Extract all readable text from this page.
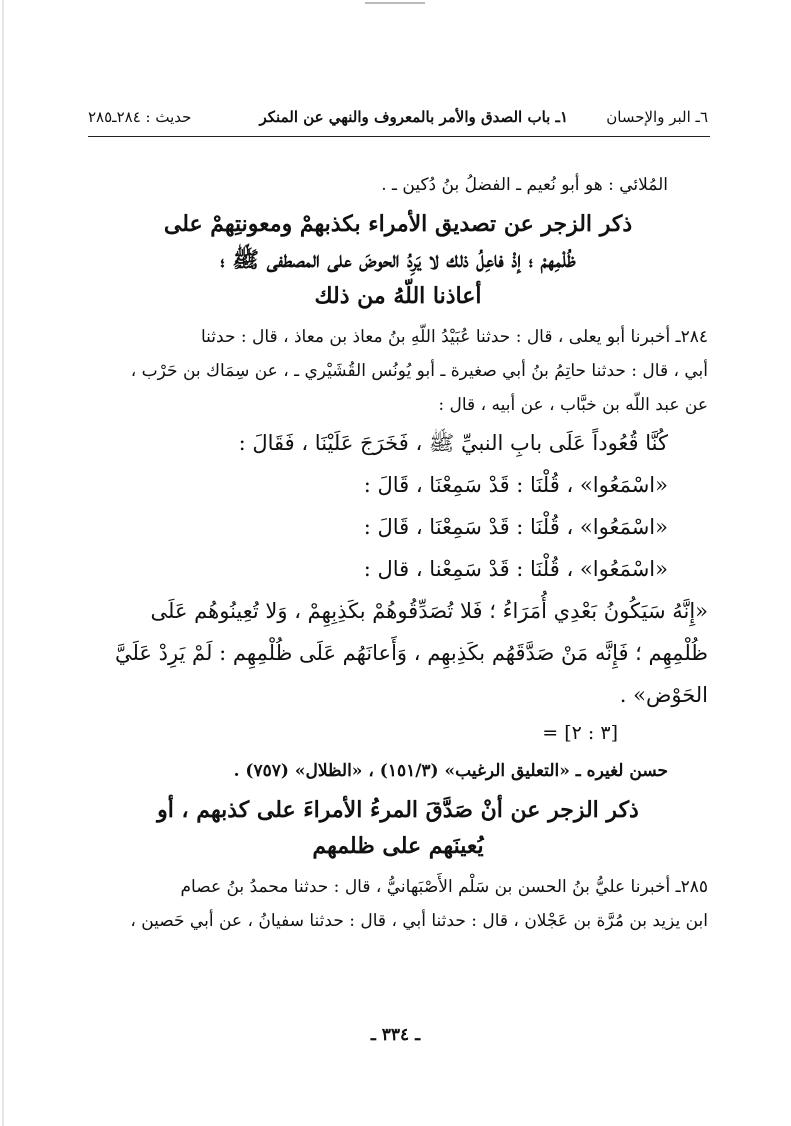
٦ـ البر والإحسان
١ـ باب الصدق والأمر بالمعروف والنهي عن المنكر
حديث : ٢٨٤ـ٢٨٥

المُلائي : هو أبو نُعيم ـ الفضلُ بنُ دُكين ـ .

ذكر الزجر عن تصديق الأمراء بكذبهمْ ومعونتِهمْ على

ظُلْمِهمْ ؛ إذْ فاعِلُ ذلك لا يَرِدُ الحوضَ على المصطفى ﷺ ؛

أعاذنا اللّهُ من ذلك

٢٨٤ـ أخبرنا أبو يعلى ، قال : حدثنا عُبَيْدُ اللّهِ بنُ معاذ بن معاذ ، قال : حدثنا

أبي ، قال : حدثنا حاتِمُ بنُ أبي صغيرة ـ أبو يُونُس القُشَيْري ـ ، عن سِمَاك بن حَرْب ،

عن عبد اللّه بن خبَّاب ، عن أبيه ، قال :

كُنَّا قُعُوداً عَلَى بابِ النبيِّ ﷺ ، فَخَرَجَ عَلَيْنَا ، فَقَالَ :

«اسْمَعُوا» ، قُلْنَا : قَدْ سَمِعْنَا ، قَالَ :

«اسْمَعُوا» ، قُلْنَا : قَدْ سَمِعْنَا ، قَالَ :

«اسْمَعُوا» ، قُلْنَا : قَدْ سَمِعْنا ، قال :

«إِنَّهُ سَيَكُونُ بَعْدِي أُمَرَاءُ ؛ فَلا تُصَدِّقُوهُمْ بكَذِبِهِمْ ، وَلا تُعِينُوهُم عَلَى

ظُلْمِهِم ؛ فَإِنَّه مَنْ صَدَّقَهُم بكَذِبهِم ، وَأَعانَهُم عَلَى ظُلْمِهِم : لَمْ يَرِدْ عَلَيَّ

الحَوْض» .

[٣ : ٢] =

حسن لغيره ـ «التعليق الرغيب» (١٥١/٣) ، «الظلال» (٧٥٧) .

ذكر الزجر عن أنْ صَدَّقَ المرءُ الأمراءَ على كذبهم ، أو

يُعينَهم على ظلمهم

٢٨٥ـ أخبرنا عليُّ بنُ الحسن بن سَلْم الأَصْبَهانيُّ ، قال : حدثنا محمدُ بنُ عصام

ابن يزيد بن مُرَّة بن عَجْلان ، قال : حدثنا أبي ، قال : حدثنا سفيانُ ، عن أبي حَصين ،

ـ ٣٣٤ ـ
